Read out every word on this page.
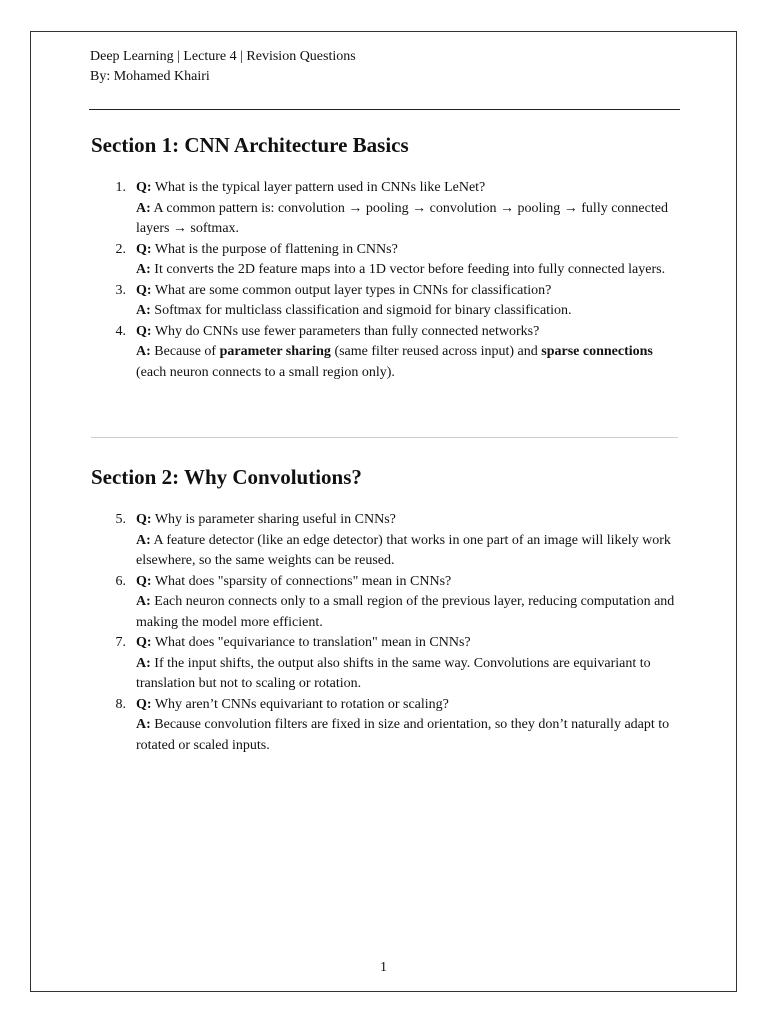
Deep Learning | Lecture 4 | Revision Questions
By: Mohamed Khairi
Section 1: CNN Architecture Basics
1. Q: What is the typical layer pattern used in CNNs like LeNet?
A: A common pattern is: convolution → pooling → convolution → pooling → fully connected layers → softmax.
2. Q: What is the purpose of flattening in CNNs?
A: It converts the 2D feature maps into a 1D vector before feeding into fully connected layers.
3. Q: What are some common output layer types in CNNs for classification?
A: Softmax for multiclass classification and sigmoid for binary classification.
4. Q: Why do CNNs use fewer parameters than fully connected networks?
A: Because of parameter sharing (same filter reused across input) and sparse connections (each neuron connects to a small region only).
Section 2: Why Convolutions?
5. Q: Why is parameter sharing useful in CNNs?
A: A feature detector (like an edge detector) that works in one part of an image will likely work elsewhere, so the same weights can be reused.
6. Q: What does "sparsity of connections" mean in CNNs?
A: Each neuron connects only to a small region of the previous layer, reducing computation and making the model more efficient.
7. Q: What does "equivariance to translation" mean in CNNs?
A: If the input shifts, the output also shifts in the same way. Convolutions are equivariant to translation but not to scaling or rotation.
8. Q: Why aren’t CNNs equivariant to rotation or scaling?
A: Because convolution filters are fixed in size and orientation, so they don’t naturally adapt to rotated or scaled inputs.
1
